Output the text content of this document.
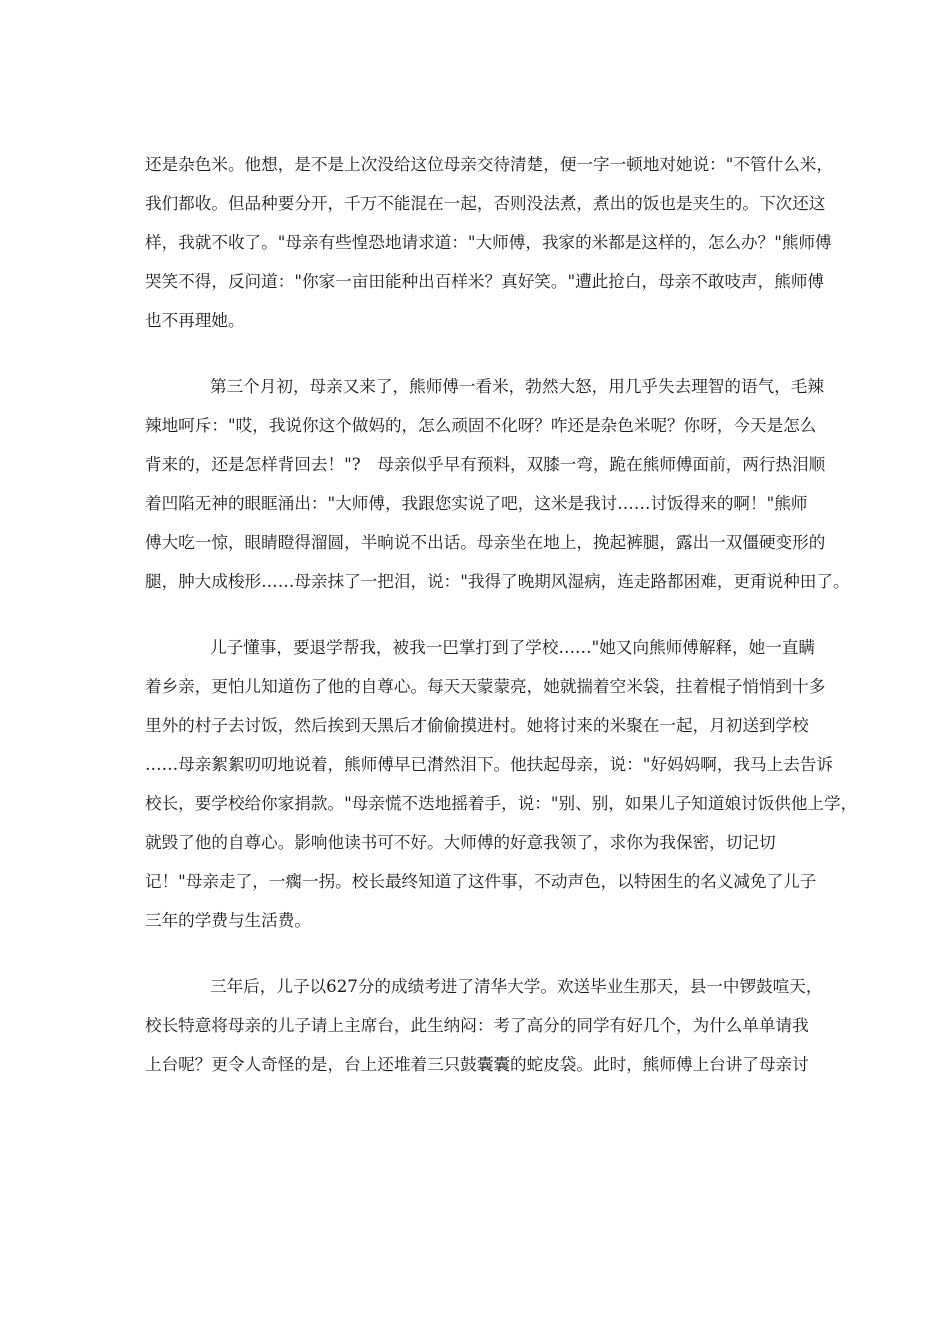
还是杂色米。他想，是不是上次没给这位母亲交待清楚，便一字一顿地对她说："不管什么米，
我们都收。但品种要分开，千万不能混在一起，否则没法煮，煮出的饭也是夹生的。下次还这
样，我就不收了。"母亲有些惶恐地请求道："大师傅，我家的米都是这样的，怎么办？"熊师傅
哭笑不得，反问道："你家一亩田能种出百样米？真好笑。"遭此抢白，母亲不敢吱声，熊师傅
也不再理她。
第三个月初，母亲又来了，熊师傅一看米，勃然大怒，用几乎失去理智的语气，毛辣
辣地呵斥："哎，我说你这个做妈的，怎么顽固不化呀？咋还是杂色米呢？你呀，今天是怎么
背来的，还是怎样背回去！"?　母亲似乎早有预料，双膝一弯，跪在熊师傅面前，两行热泪顺
着凹陷无神的眼眶涌出："大师傅，我跟您实说了吧，这米是我讨……讨饭得来的啊！"熊师
傅大吃一惊，眼睛瞪得溜圆，半晌说不出话。母亲坐在地上，挽起裤腿，露出一双僵硬变形的
腿，肿大成梭形……母亲抹了一把泪，说："我得了晚期风湿病，连走路都困难，更甭说种田了。
儿子懂事，要退学帮我，被我一巴掌打到了学校……"她又向熊师傅解释，她一直瞒
着乡亲，更怕儿知道伤了他的自尊心。每天天蒙蒙亮，她就揣着空米袋，拄着棍子悄悄到十多
里外的村子去讨饭，然后挨到天黑后才偷偷摸进村。她将讨来的米聚在一起，月初送到学校
……母亲絮絮叨叨地说着，熊师傅早已潸然泪下。他扶起母亲，说："好妈妈啊，我马上去告诉
校长，要学校给你家捐款。"母亲慌不迭地摇着手，说："别、别，如果儿子知道娘讨饭供他上学，
就毁了他的自尊心。影响他读书可不好。大师傅的好意我领了，求你为我保密，切记切
记！"母亲走了，一瘸一拐。校长最终知道了这件事，不动声色，以特困生的名义减免了儿子
三年的学费与生活费。
三年后，儿子以627分的成绩考进了清华大学。欢送毕业生那天，县一中锣鼓喧天，
校长特意将母亲的儿子请上主席台，此生纳闷：考了高分的同学有好几个，为什么单单请我
上台呢？更令人奇怪的是，台上还堆着三只鼓囊囊的蛇皮袋。此时，熊师傅上台讲了母亲讨
